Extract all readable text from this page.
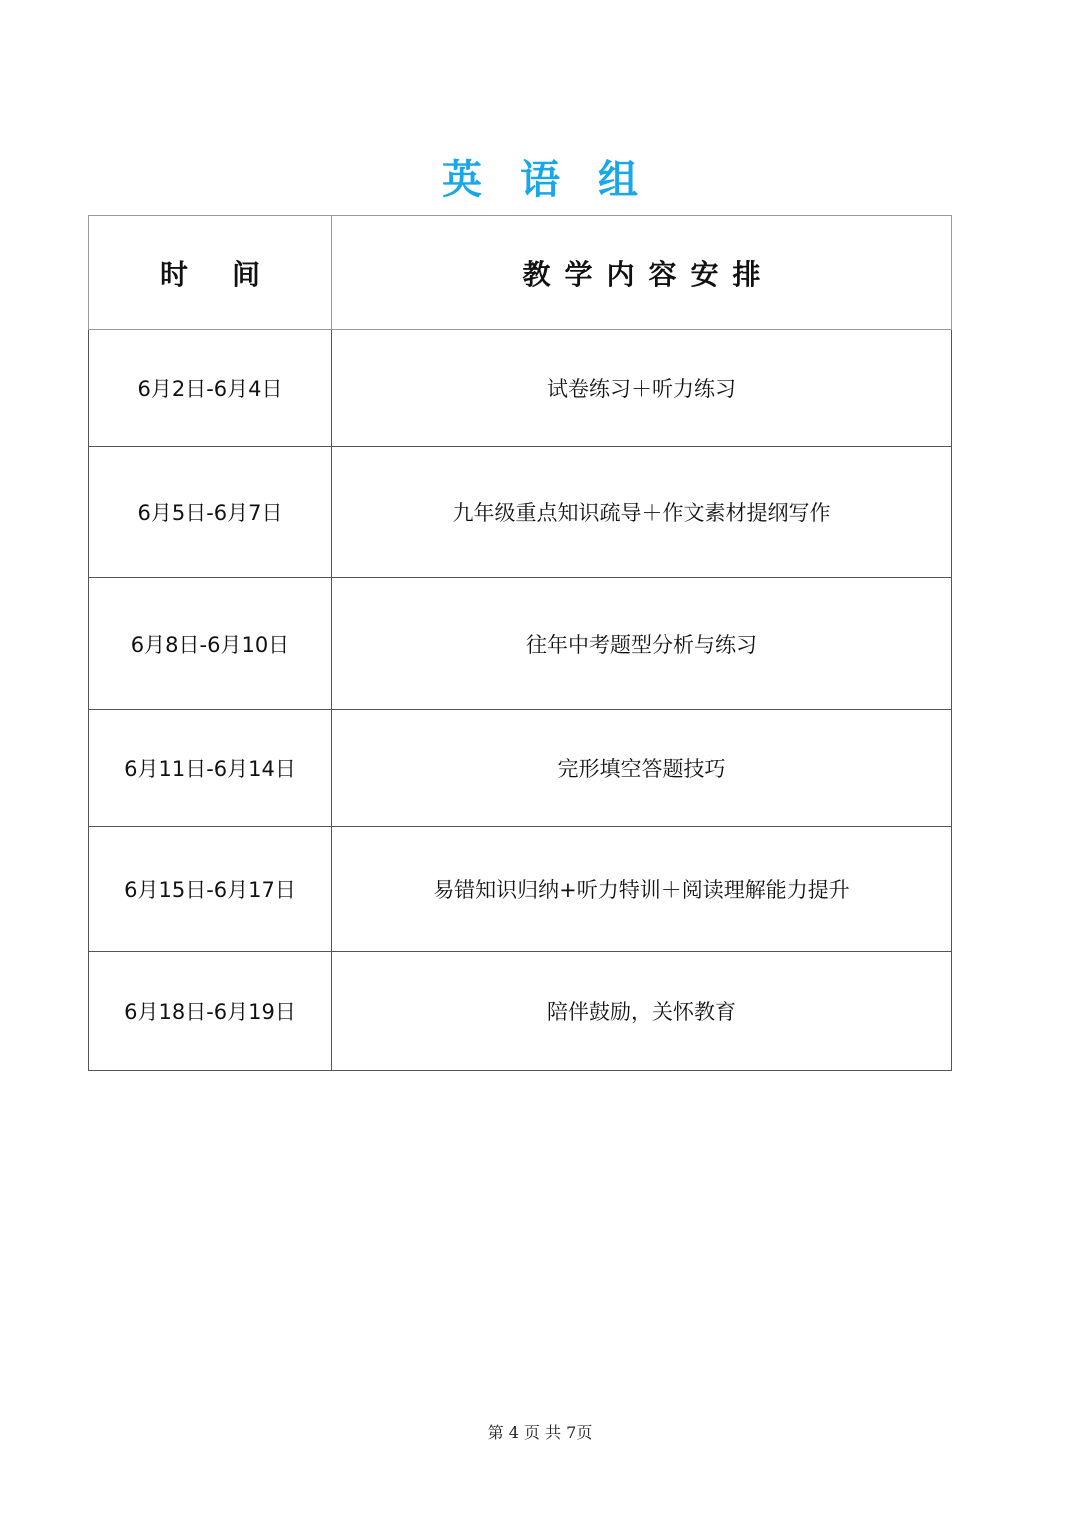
英语组
时间	教学内容安排
6月2日-6月4日	试卷练习＋听力练习
6月5日-6月7日	九年级重点知识疏导＋作文素材提纲写作
6月8日-6月10日	往年中考题型分析与练习
6月11日-6月14日	完形填空答题技巧
6月15日-6月17日	易错知识归纳+听力特训＋阅读理解能力提升
6月18日-6月19日	陪伴鼓励，关怀教育
第 4 页 共 7页
